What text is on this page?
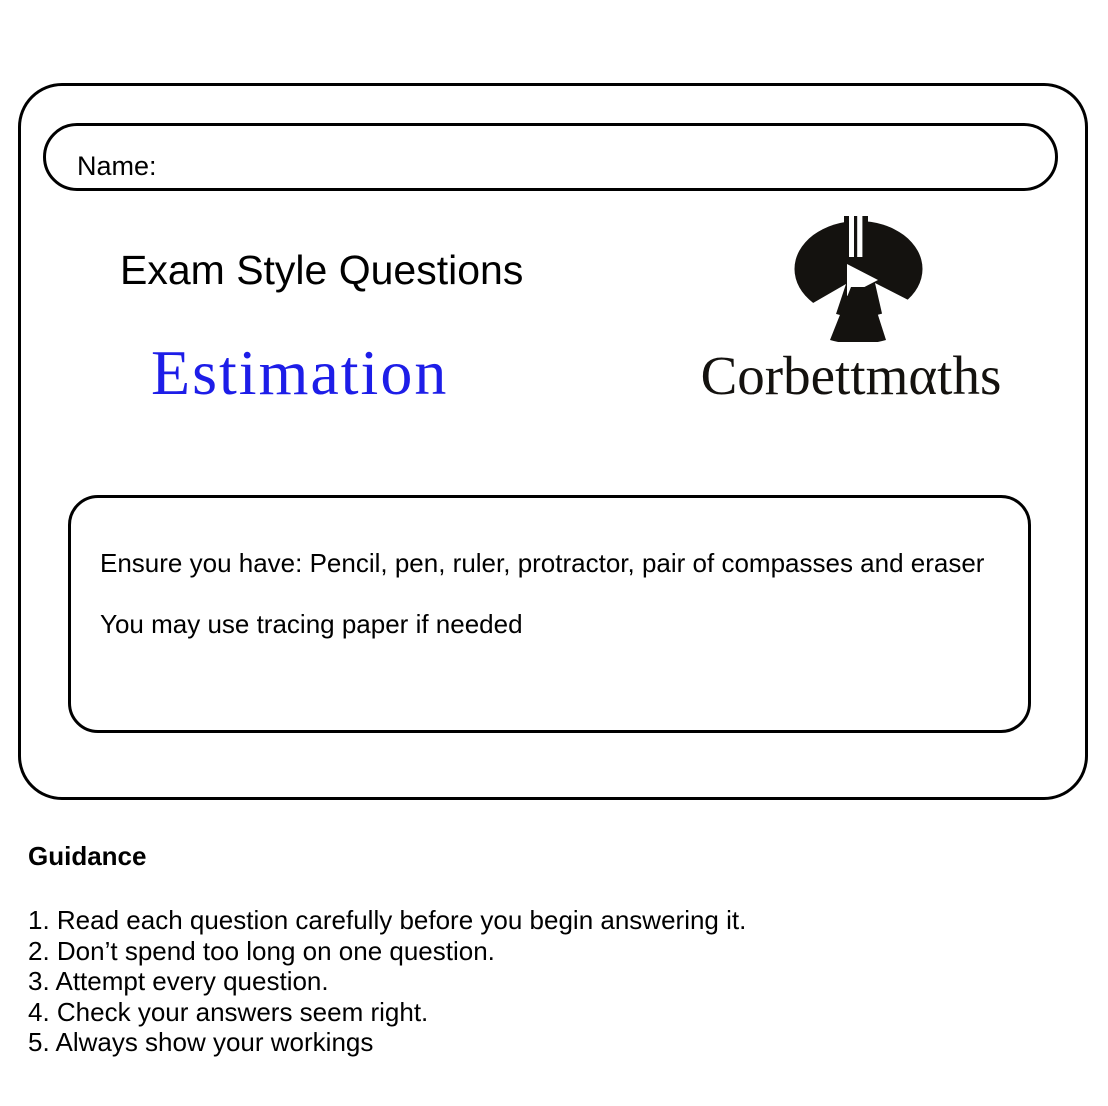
Name:
Exam Style Questions
Estimation	Corbettmαths

Ensure you have: Pencil, pen, ruler, protractor, pair of compasses and eraser

You may use tracing paper if needed

Guidance
1. Read each question carefully before you begin answering it.
2. Don’t spend too long on one question.
3. Attempt every question.
4. Check your answers seem right.
5. Always show your workings
